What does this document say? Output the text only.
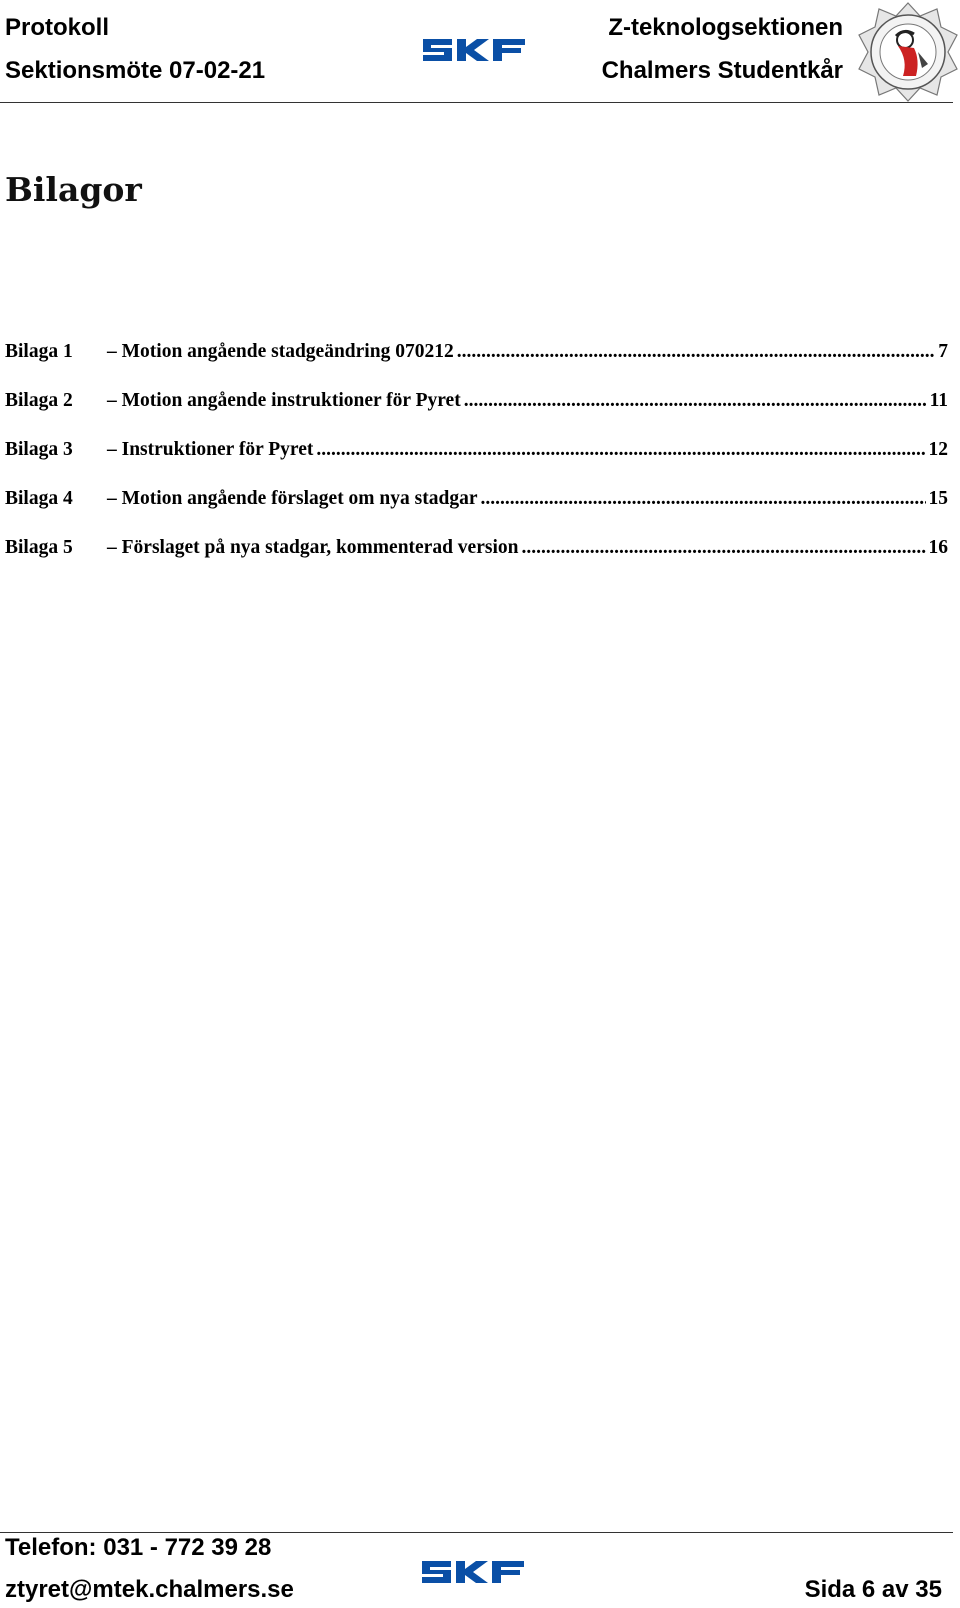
Protokoll
Sektionsmöte 07-02-21
Z-teknologsektionen
Chalmers Studentkår
Bilagor
Bilaga 1	– Motion angående stadgeändring 070212 .....	7
Bilaga 2	– Motion angående instruktioner för Pyret .....	11
Bilaga 3	– Instruktioner för Pyret .....	12
Bilaga 4	– Motion angående förslaget om nya stadgar .....	15
Bilaga 5	– Förslaget på nya stadgar, kommenterad version .....	16
Telefon: 031 - 772 39 28
ztyret@mtek.chalmers.se	Sida 6 av 35
